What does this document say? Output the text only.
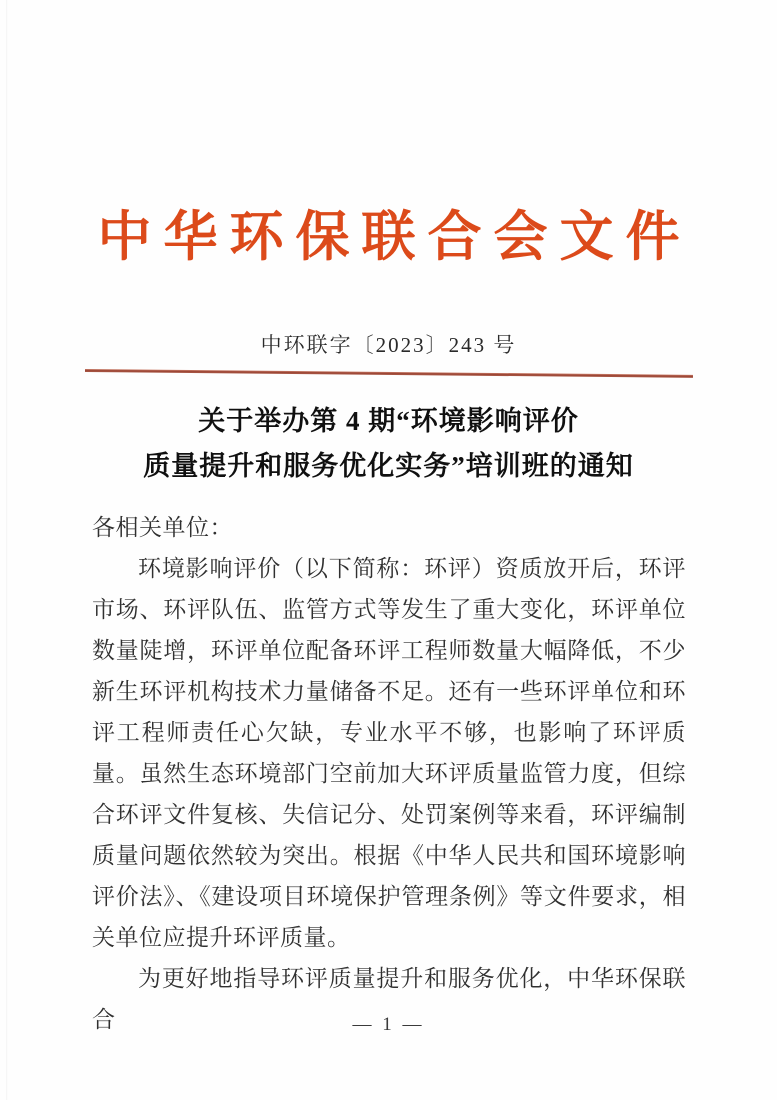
中华环保联合会文件
中环联字〔2023〕243 号
关于举办第 4 期“环境影响评价
质量提升和服务优化实务”培训班的通知

各相关单位：

环境影响评价（以下简称：环评）资质放开后，环评市场、环评队伍、监管方式等发生了重大变化，环评单位数量陡增，环评单位配备环评工程师数量大幅降低，不少新生环评机构技术力量储备不足。还有一些环评单位和环评工程师责任心欠缺，专业水平不够，也影响了环评质量。虽然生态环境部门空前加大环评质量监管力度，但综合环评文件复核、失信记分、处罚案例等来看，环评编制质量问题依然较为突出。根据《中华人民共和国环境影响评价法》、《建设项目环境保护管理条例》等文件要求，相关单位应提升环评质量。

为更好地指导环评质量提升和服务优化，中华环保联合	— 1 —
